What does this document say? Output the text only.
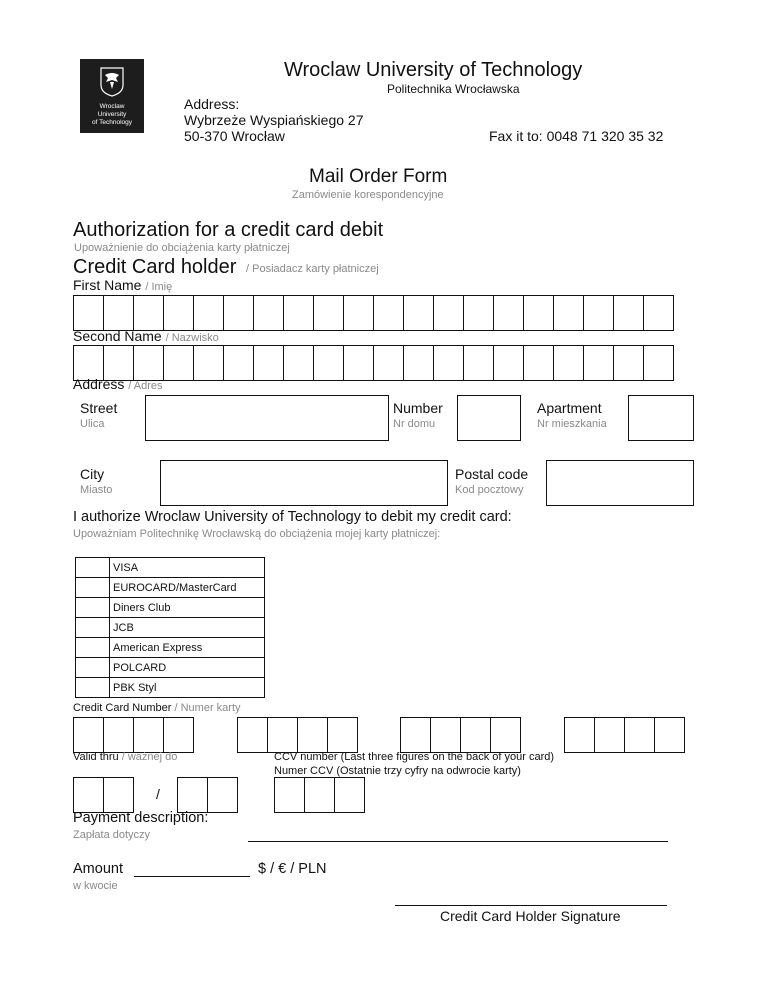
Wroclaw
University
of Technology
Wroclaw University of Technology
Politechnika Wrocławska
Address:
Wybrzeże Wyspiańskiego 27
50-370 Wrocław	Fax it to: 0048 71 320 35 32
Mail Order Form
Zamówienie korespondencyjne
Authorization for a credit card debit
Upoważnienie do obciążenia karty płatniczej
Credit Card holder / Posiadacz karty płatniczej
First Name / Imię
Second Name / Nazwisko
Address / Adres
Street
Ulica
Number
Nr domu
Apartment
Nr mieszkania
City
Miasto
Postal code
Kod pocztowy
I authorize Wroclaw University of Technology to debit my credit card:
Upoważniam Politechnikę Wrocławską do obciążenia mojej karty płatniczej:
	VISA
	EUROCARD/MasterCard
	Diners Club
	JCB
	American Express
	POLCARD
	PBK Styl
Credit Card Number / Numer karty
Valid thru / ważnej do	CCV number (Last three figures on the back of your card)
Numer CCV (Ostatnie trzy cyfry na odwrocie karty)
/
Payment description:
Zapłata dotyczy
Amount	$ / € / PLN
w kwocie
Credit Card Holder Signature
